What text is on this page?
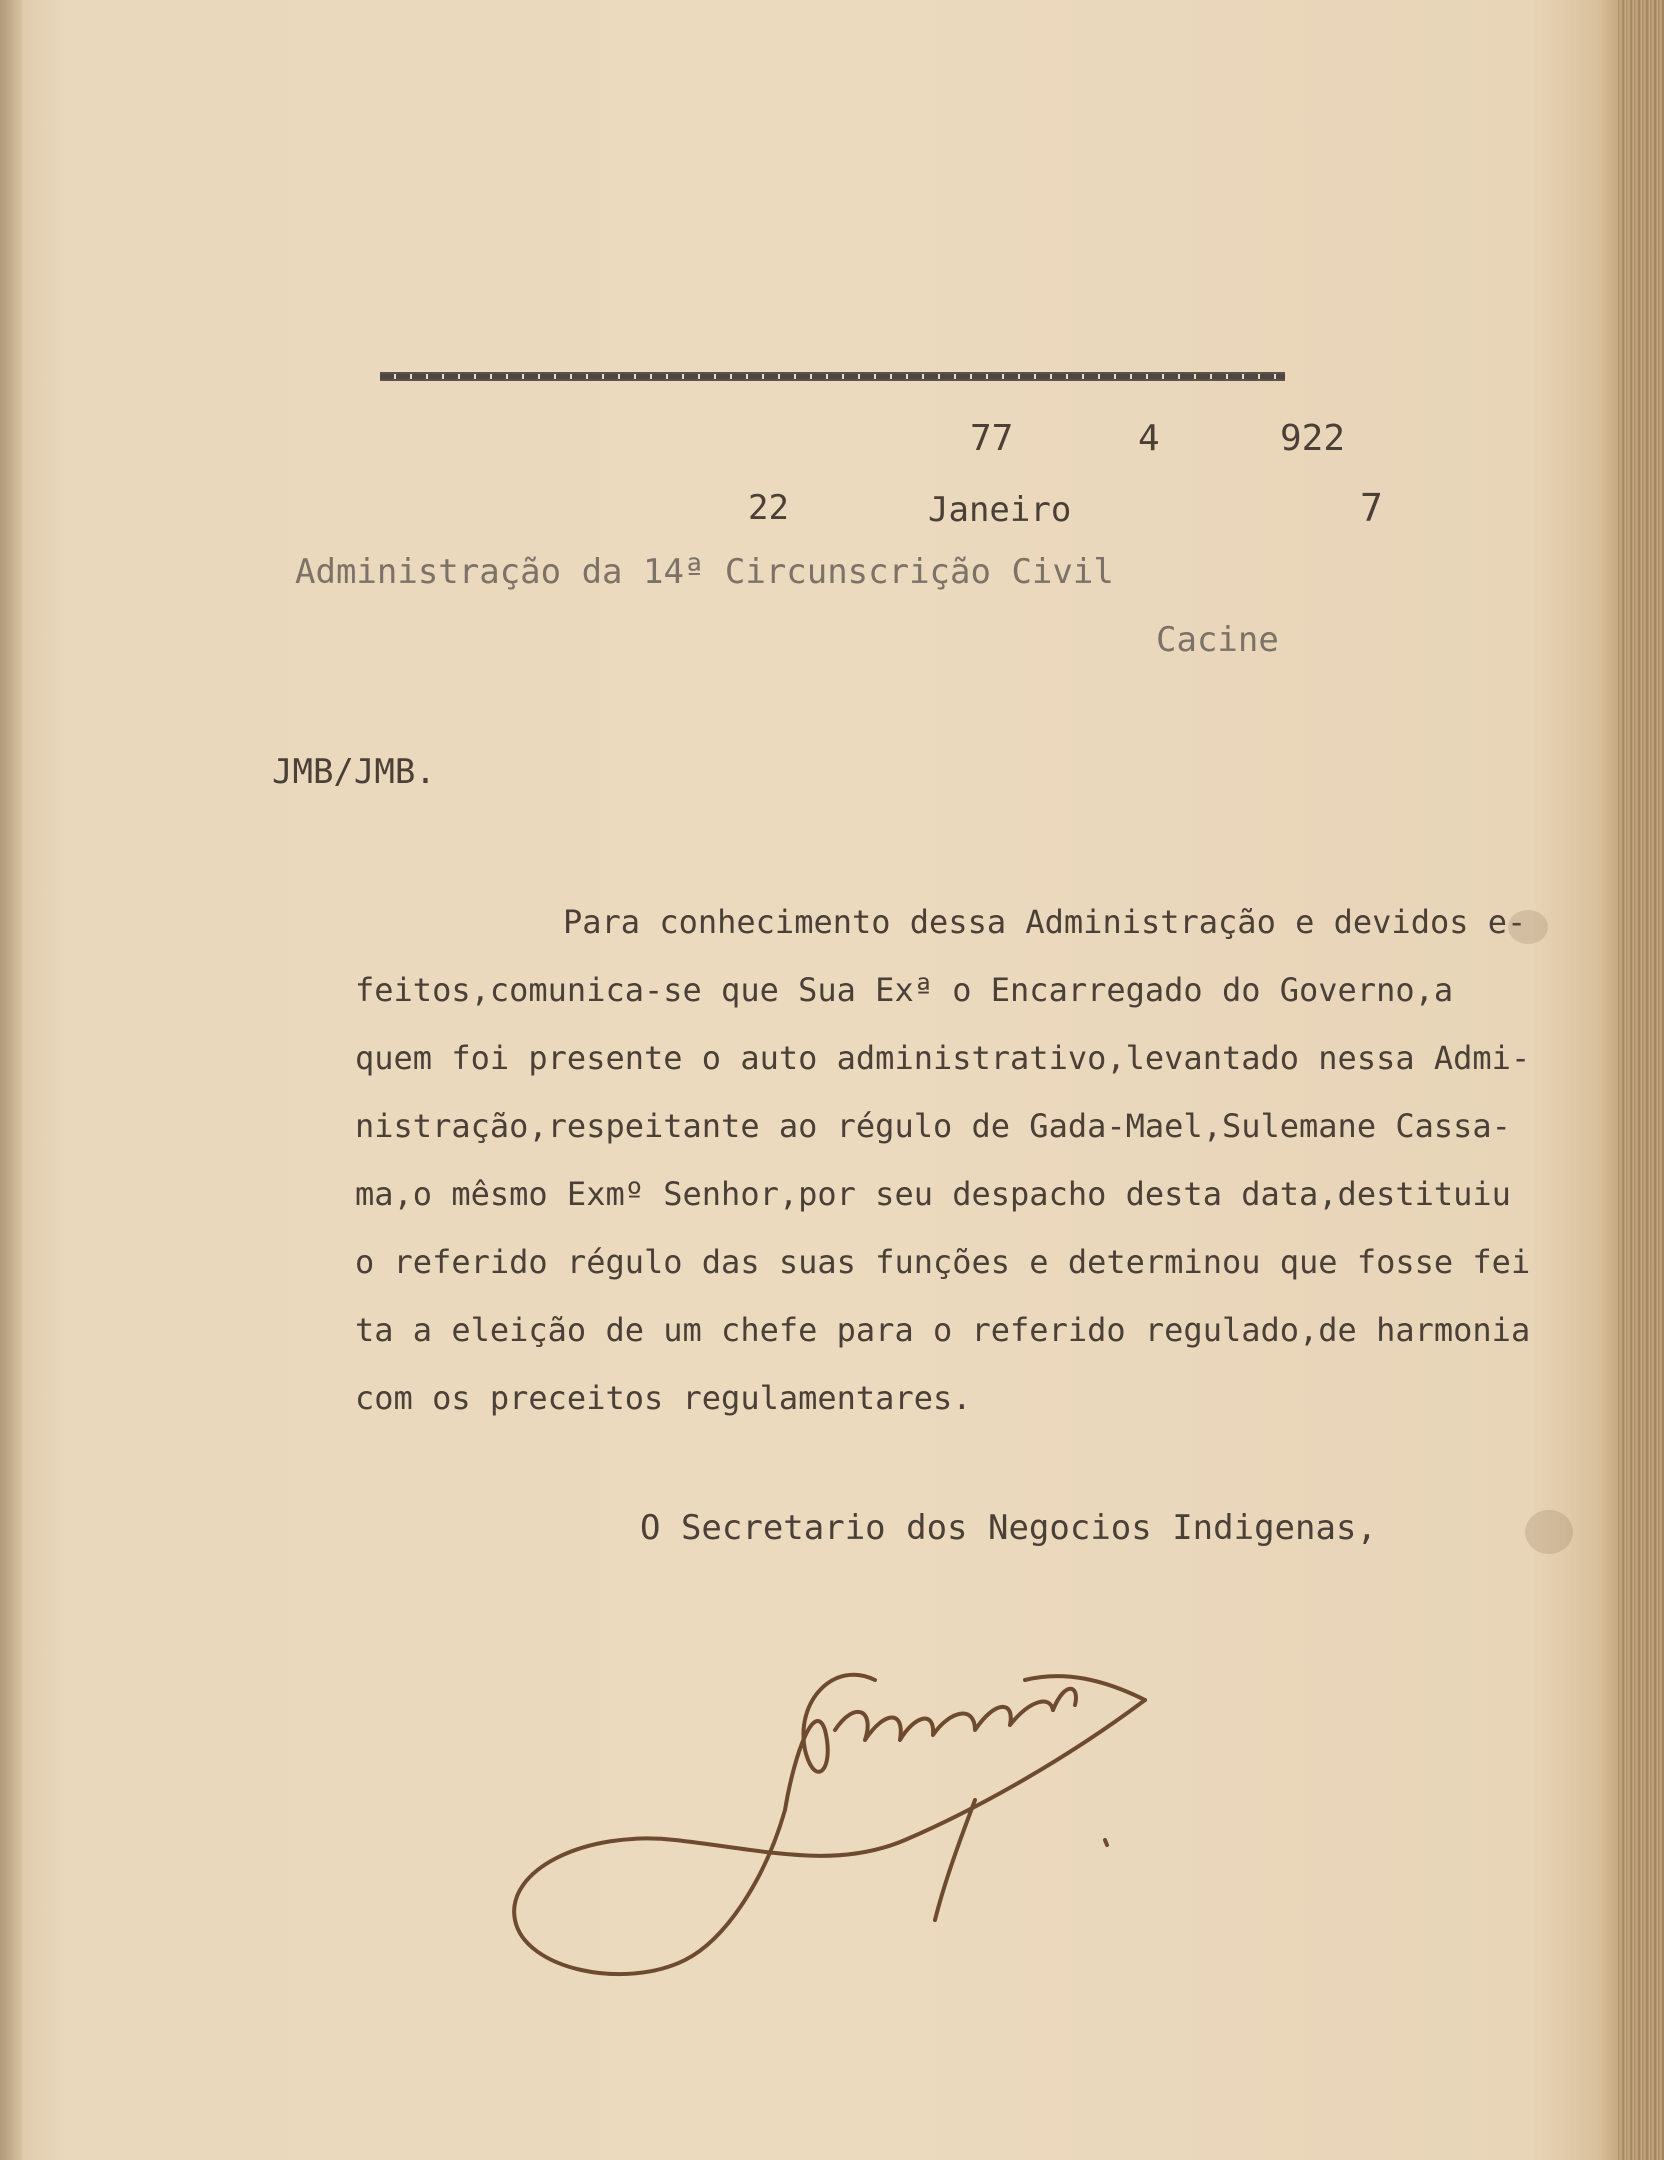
77	4	922

22	Janeiro	7

Administração da 14ª Circunscrição Civil

Cacine

JMB/JMB.

Para conhecimento dessa Administração e devidos e-
feitos,comunica-se que Sua Exª o Encarregado do Governo,a
quem foi presente o auto administrativo,levantado nessa Admi-
nistração,respeitante ao régulo de Gada-Mael,Sulemane Cassa-
ma,o mêsmo Exmº Senhor,por seu despacho desta data,destituiu
o referido régulo das suas funções e determinou que fosse fei
ta a eleição de um chefe para o referido regulado,de harmonia
com os preceitos regulamentares.

O Secretario dos Negocios Indigenas,
